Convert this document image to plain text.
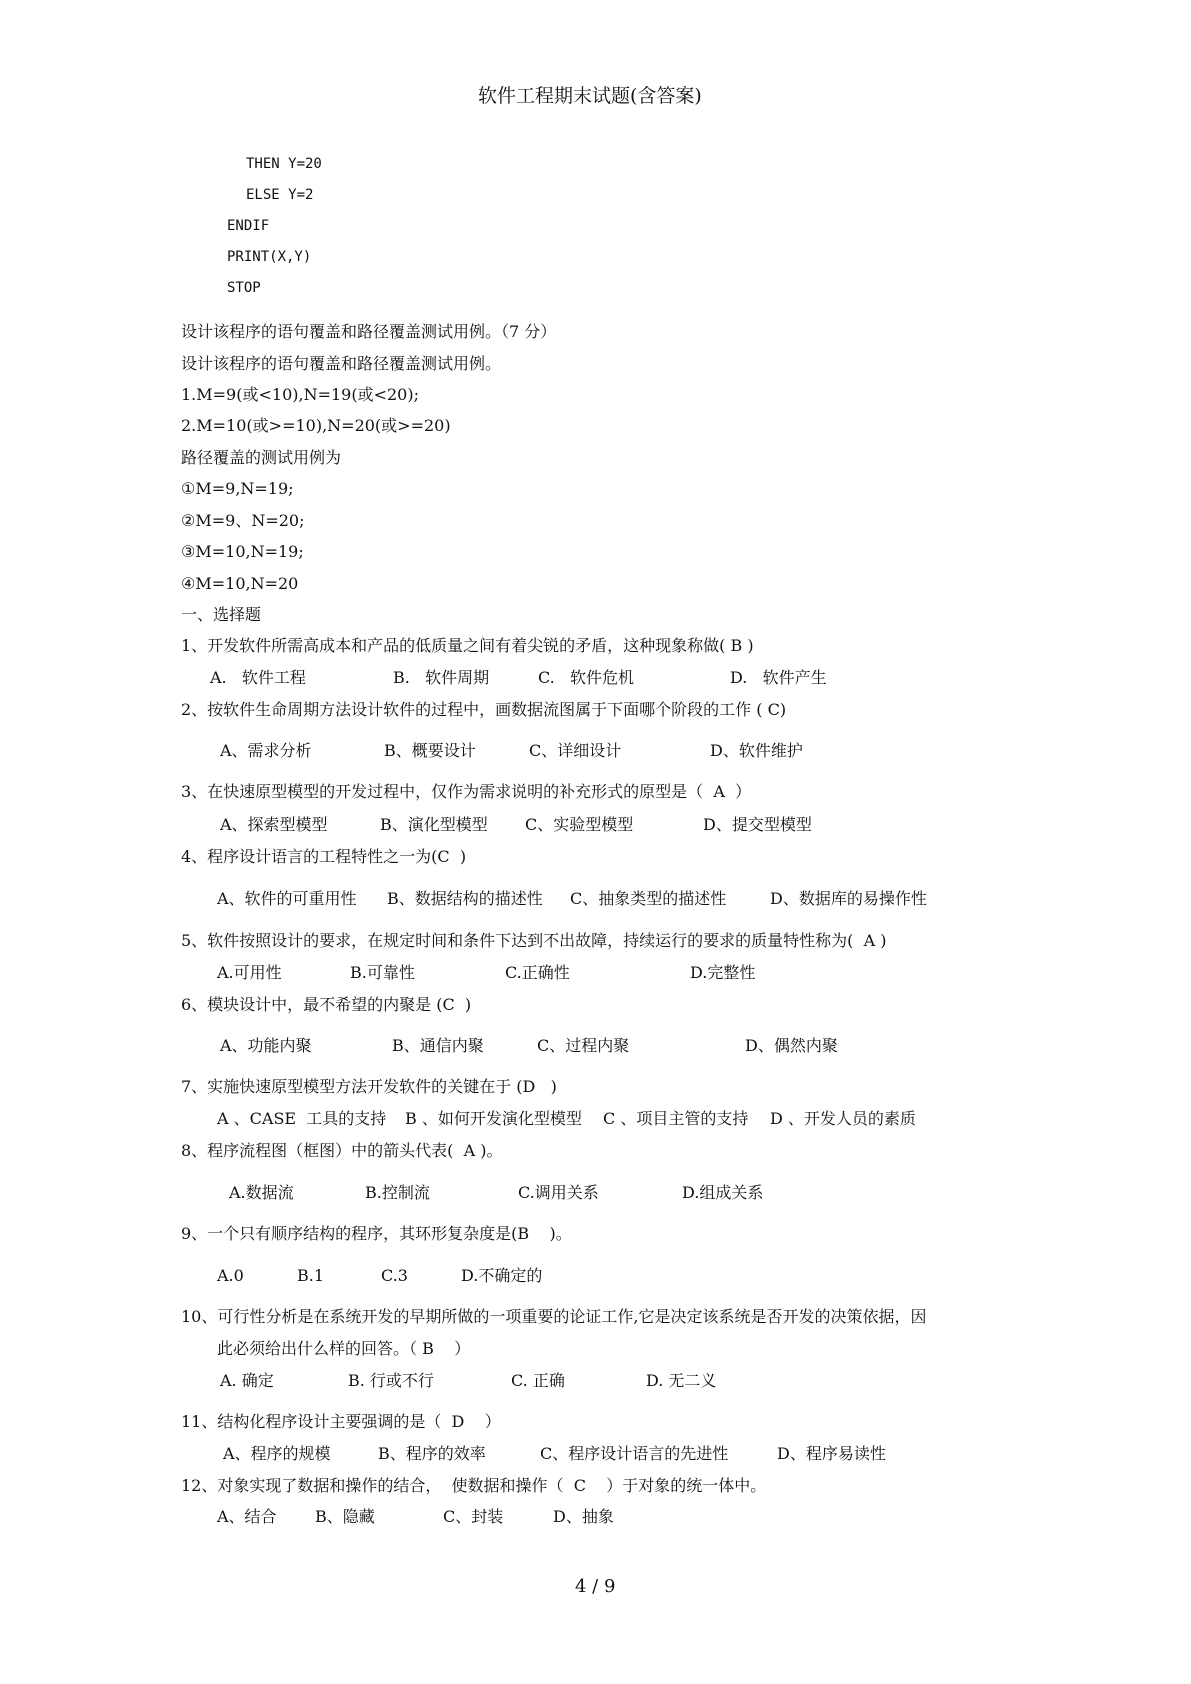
软件工程期末试题(含答案)
THEN Y=20
ELSE Y=2
ENDIF
PRINT(X,Y)
STOP
设计该程序的语句覆盖和路径覆盖测试用例。（7 分）
设计该程序的语句覆盖和路径覆盖测试用例。
1.M=9(或<10),N=19(或<20);
2.M=10(或>=10),N=20(或>=20)
路径覆盖的测试用例为
①M=9,N=19;
②M=9、N=20;
③M=10,N=19;
④M=10,N=20
一、选择题
1、开发软件所需高成本和产品的低质量之间有着尖锐的矛盾，这种现象称做( B )
A.   软件工程	B.   软件周期	C.   软件危机	D.   软件产生
2、按软件生命周期方法设计软件的过程中，画数据流图属于下面哪个阶段的工作 ( C)
A、需求分析	B、概要设计	C、详细设计	D、软件维护
3、在快速原型模型的开发过程中，仅作为需求说明的补充形式的原型是（  A  ）
A、探索型模型	B、演化型模型 C、实验型模型	D、提交型模型
4、程序设计语言的工程特性之一为(C  )
A、软件的可重用性 B、数据结构的描述性 C、抽象类型的描述性	D、数据库的易操作性
5、软件按照设计的要求，在规定时间和条件下达到不出故障，持续运行的要求的质量特性称为(  A )
A.可用性	B.可靠性	C.正确性	D.完整性
6、模块设计中，最不希望的内聚是 (C  )
A、功能内聚	B、通信内聚	C、过程内聚	D、偶然内聚
7、实施快速原型模型方法开发软件的关键在于 (D   )
A 、CASE  工具的支持 B 、如何开发演化型模型 C 、项目主管的支持 D 、开发人员的素质
8、程序流程图（框图）中的箭头代表(  A )。
A.数据流	B.控制流	C.调用关系	D.组成关系
9、一个只有顺序结构的程序，其环形复杂度是(B    )。
A.0	B.1	C.3	D.不确定的
10、可行性分析是在系统开发的早期所做的一项重要的论证工作,它是决定该系统是否开发的决策依据，因
此必须给出什么样的回答。（ B    ）
A. 确定	B. 行或不行	C. 正确	D. 无二义
11、结构化程序设计主要强调的是（  D    ）
A、程序的规模	B、程序的效率	C、程序设计语言的先进性	D、程序易读性
12、对象实现了数据和操作的结合，  使数据和操作（  C    ）于对象的统一体中。
A、结合 B、隐藏	C、封装	D、抽象
4 / 9
